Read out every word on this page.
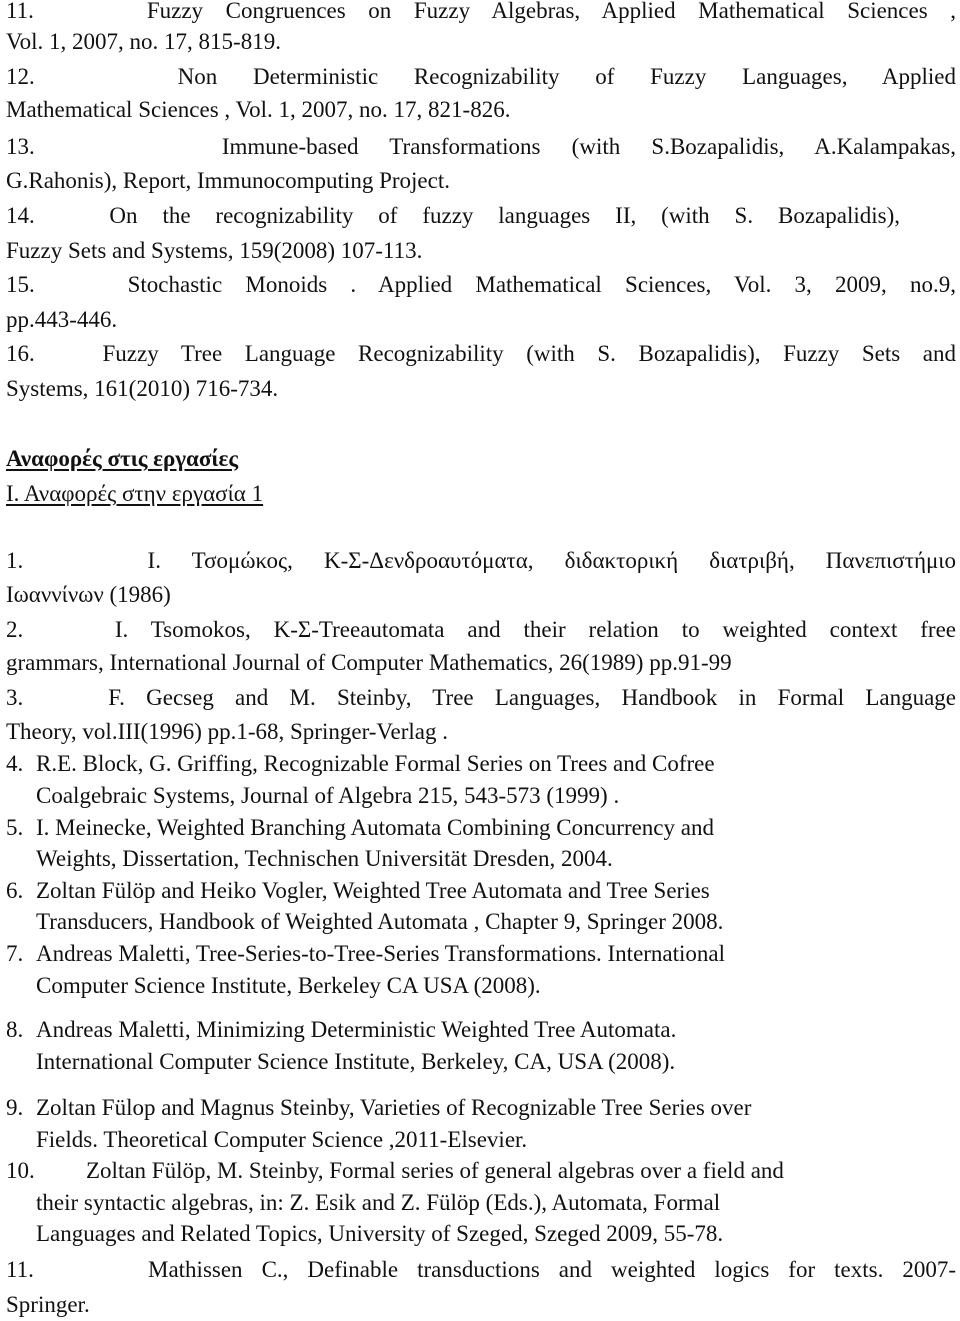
11.     Fuzzy Congruences on Fuzzy Algebras, Applied Mathematical Sciences ,
Vol. 1, 2007, no. 17, 815-819.
12.    Non Deterministic Recognizability of Fuzzy Languages, Applied
Mathematical Sciences , Vol. 1, 2007, no. 17, 821-826.
13.      Immune-based Transformations (with S.Bozapalidis, A.Kalampakas,
G.Rahonis), Report, Immunocomputing Project.
14.   On the recognizability of fuzzy languages II, (with S. Bozapalidis),
Fuzzy Sets and Systems, 159(2008) 107-113.
15.    Stochastic Monoids . Applied Mathematical Sciences, Vol. 3, 2009, no.9,
pp.443-446.
16.   Fuzzy Tree Language Recognizability (with S. Bozapalidis), Fuzzy Sets and
Systems, 161(2010) 716-734.
Αναφορές στις εργασίες
Ι. Αναφορές στην εργασία 1
1.    Ι. Τσομώκος, Κ-Σ-Δενδροαυτόματα, διδακτορική διατριβή, Πανεπιστήμιο
Ιωαννίνων (1986)
2.    I. Tsomokos, K-Σ-Treeautomata and their relation to weighted context free
grammars, International Journal of Computer Mathematics, 26(1989) pp.91-99
3.    F. Gecseg and M. Steinby, Tree Languages, Handbook in Formal Language
Theory, vol.III(1996) pp.1-68, Springer-Verlag .
4. R.E. Block, G. Griffing, Recognizable Formal Series on Trees and Cofree
Coalgebraic Systems, Journal of Algebra 215, 543-573 (1999) .
5. I. Meinecke, Weighted Branching Automata Combining Concurrency and
Weights, Dissertation, Technischen Universität Dresden, 2004.
6. Zoltan Fülöp and Heiko Vogler, Weighted Tree Automata and Tree Series
Transducers, Handbook of Weighted Automata , Chapter 9, Springer 2008.
7. Andreas Maletti, Tree-Series-to-Tree-Series Transformations. International
Computer Science Institute, Berkeley CA USA (2008).
8. Andreas Maletti, Minimizing Deterministic Weighted Tree Automata.
International Computer Science Institute, Berkeley, CA, USA (2008).
9. Zoltan Fülop and Magnus Steinby, Varieties of Recognizable Tree Series over
Fields. Theoretical Computer Science ,2011-Elsevier.
10. Zoltan Fülöp, M. Steinby, Formal series of general algebras over a field and
their syntactic algebras, in: Z. Esik and Z. Fülöp (Eds.), Automata, Formal
Languages and Related Topics, University of Szeged, Szeged 2009, 55-78.
11.      Mathissen C., Definable transductions and weighted logics for texts. 2007-
Springer.
